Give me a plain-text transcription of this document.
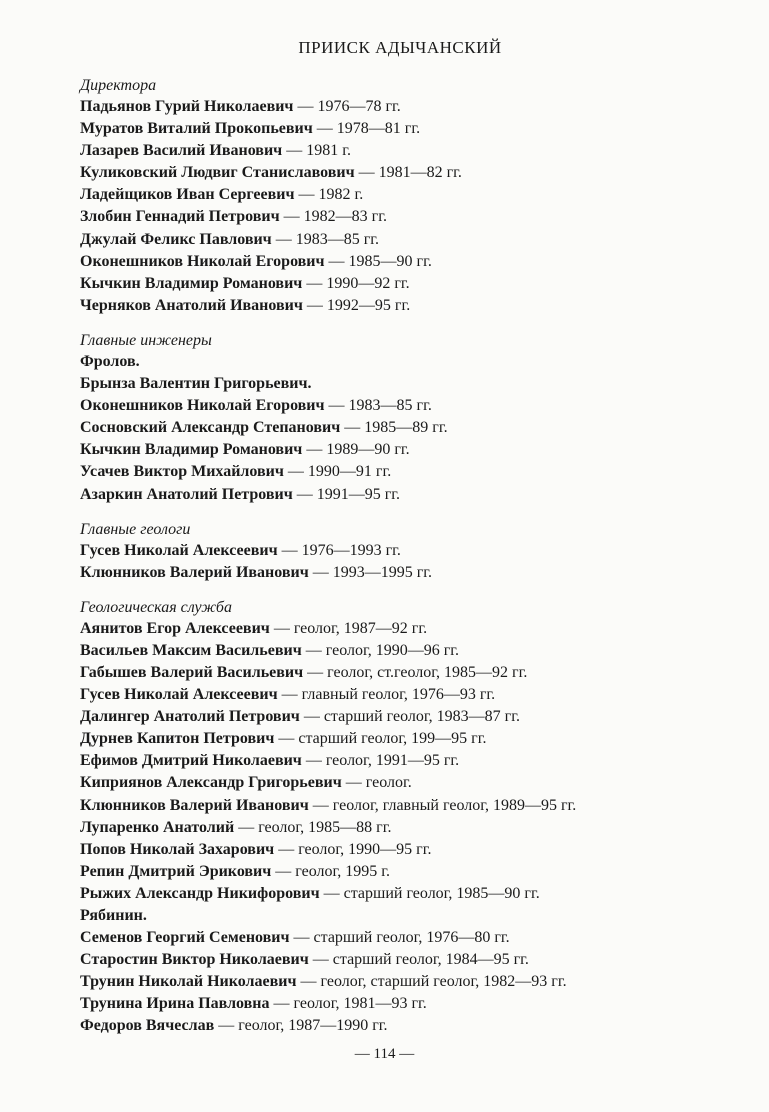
ПРИИСК АДЫЧАНСКИЙ
Директора
Падьянов Гурий Николаевич — 1976—78 гг.
Муратов Виталий Прокопьевич — 1978—81 гг.
Лазарев Василий Иванович — 1981 г.
Куликовский Людвиг Станиславович — 1981—82 гг.
Ладейщиков Иван Сергеевич — 1982 г.
Злобин Геннадий Петрович — 1982—83 гг.
Джулай Феликс Павлович — 1983—85 гг.
Оконешников Николай Егорович — 1985—90 гг.
Кычкин Владимир Романович — 1990—92 гг.
Черняков Анатолий Иванович — 1992—95 гг.
Главные инженеры
Фролов.
Брынза Валентин Григорьевич.
Оконешников Николай Егорович — 1983—85 гг.
Сосновский Александр Степанович — 1985—89 гг.
Кычкин Владимир Романович — 1989—90 гг.
Усачев Виктор Михайлович — 1990—91 гг.
Азаркин Анатолий Петрович — 1991—95 гг.
Главные геологи
Гусев Николай Алексеевич — 1976—1993 гг.
Клюнников Валерий Иванович — 1993—1995 гг.
Геологическая служба
Аянитов Егор Алексеевич — геолог, 1987—92 гг.
Васильев Максим Васильевич — геолог, 1990—96 гг.
Габышев Валерий Васильевич — геолог, ст.геолог, 1985—92 гг.
Гусев Николай Алексеевич — главный геолог, 1976—93 гг.
Далингер Анатолий Петрович — старший геолог, 1983—87 гг.
Дурнев Капитон Петрович — старший геолог, 199—95 гг.
Ефимов Дмитрий Николаевич — геолог, 1991—95 гг.
Киприянов Александр Григорьевич — геолог.
Клюнников Валерий Иванович — геолог, главный геолог, 1989—95 гг.
Лупаренко Анатолий — геолог, 1985—88 гг.
Попов Николай Захарович — геолог, 1990—95 гг.
Репин Дмитрий Эрикович — геолог, 1995 г.
Рыжих Александр Никифорович — старший геолог, 1985—90 гг.
Рябинин.
Семенов Георгий Семенович — старший геолог, 1976—80 гг.
Старостин Виктор Николаевич — старший геолог, 1984—95 гг.
Трунин Николай Николаевич — геолог, старший геолог, 1982—93 гг.
Трунина Ирина Павловна — геолог, 1981—93 гг.
Федоров Вячеслав — геолог, 1987—1990 гг.
— 114 —
